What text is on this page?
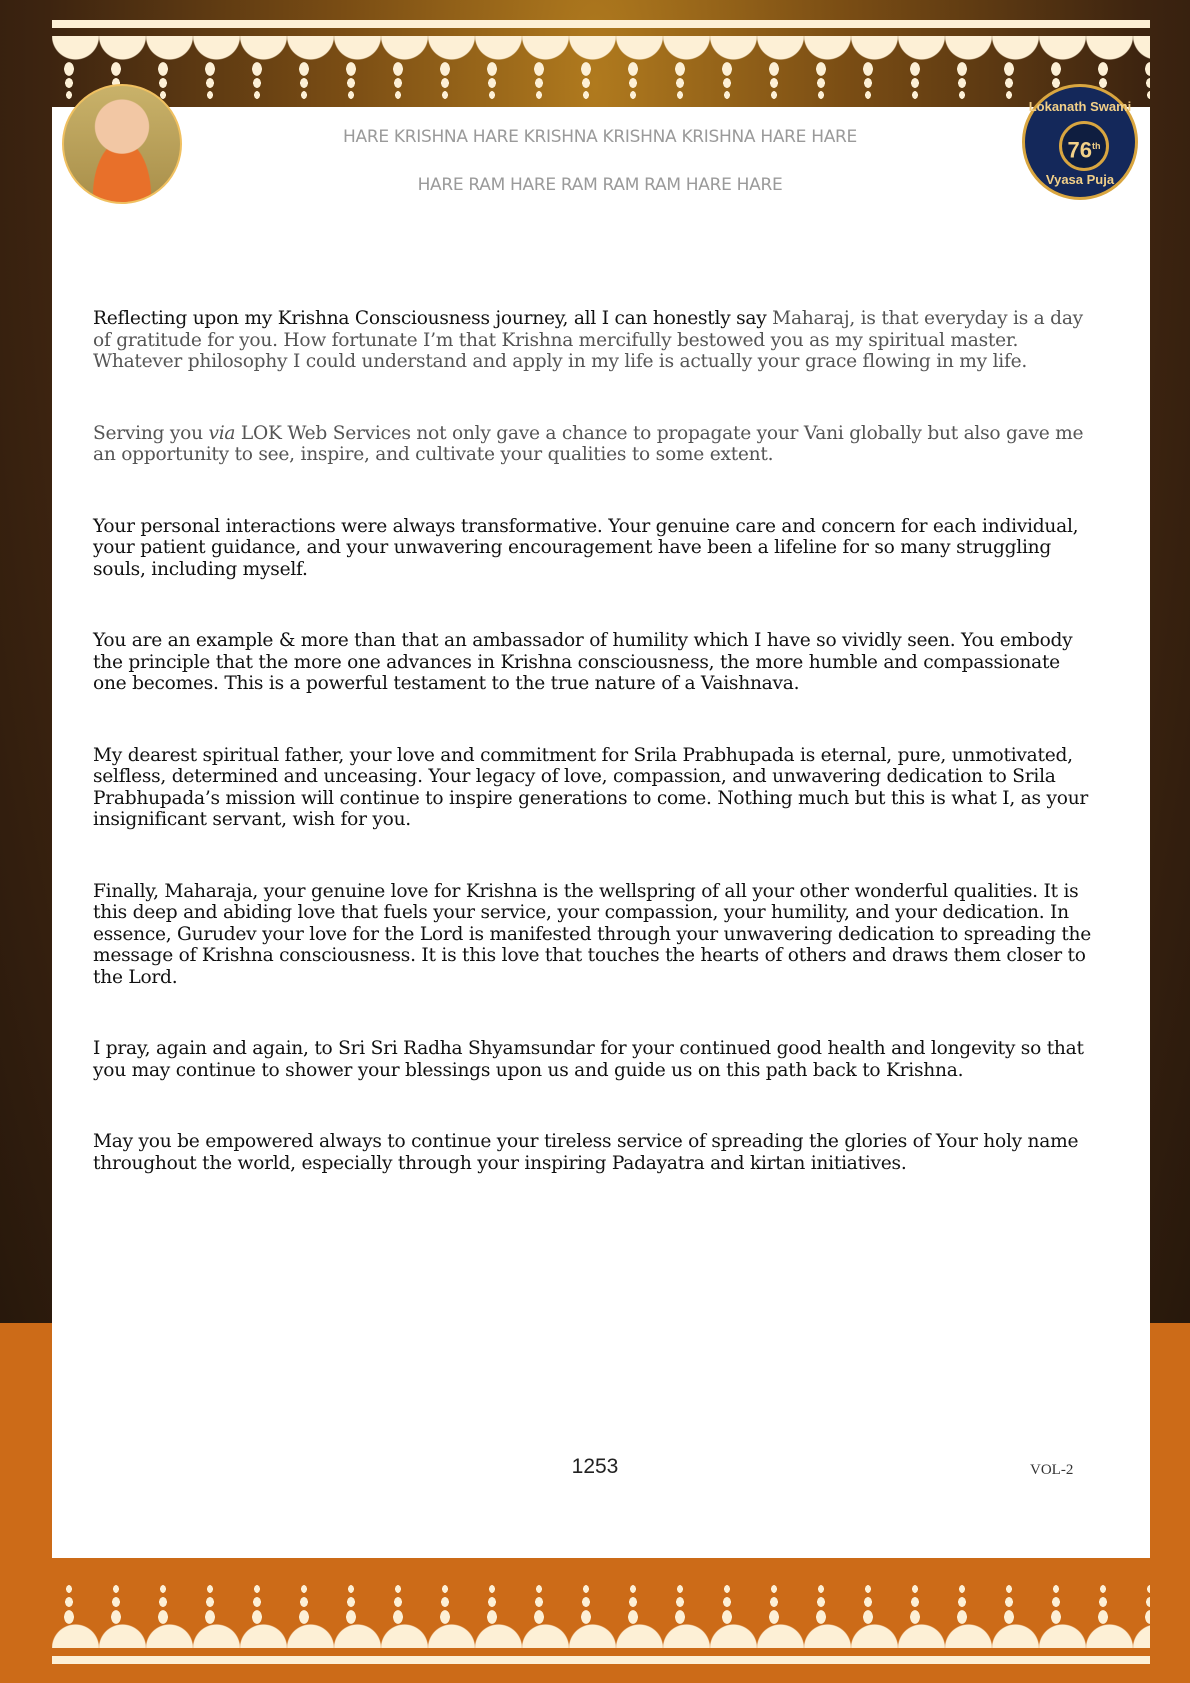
Lokanath Swami
76th
Vyasa Puja
HARE KRISHNA HARE KRISHNA KRISHNA KRISHNA HARE HARE
HARE RAM HARE RAM RAM RAM HARE HARE

Reflecting upon my Krishna Consciousness journey, all I can honestly say Maharaj, is that everyday is a day of gratitude for you. How fortunate I’m that Krishna mercifully bestowed you as my spiritual master. Whatever philosophy I could understand and apply in my life is actually your grace flowing in my life.

Serving you via LOK Web Services not only gave a chance to propagate your Vani globally but also gave me an opportunity to see, inspire, and cultivate your qualities to some extent.

Your personal interactions were always transformative. Your genuine care and concern for each individual, your patient guidance, and your unwavering encouragement have been a lifeline for so many struggling souls, including myself.

You are an example & more than that an ambassador of humility which I have so vividly seen. You embody the principle that the more one advances in Krishna consciousness, the more humble and compassionate one becomes. This is a powerful testament to the true nature of a Vaishnava.

My dearest spiritual father, your love and commitment for Srila Prabhupada is eternal, pure, unmotivated, selfless, determined and unceasing. Your legacy of love, compassion, and unwavering dedication to Srila Prabhupada’s mission will continue to inspire generations to come. Nothing much but this is what I, as your insignificant servant, wish for you.

Finally, Maharaja, your genuine love for Krishna is the wellspring of all your other wonderful qualities. It is this deep and abiding love that fuels your service, your compassion, your humility, and your dedication. In essence, Gurudev your love for the Lord is manifested through your unwavering dedication to spreading the message of Krishna consciousness. It is this love that touches the hearts of others and draws them closer to the Lord.

I pray, again and again, to Sri Sri Radha Shyamsundar for your continued good health and longevity so that you may continue to shower your blessings upon us and guide us on this path back to Krishna.

May you be empowered always to continue your tireless service of spreading the glories of Your holy name throughout the world, especially through your inspiring Padayatra and kirtan initiatives.

1253	VOL-2
